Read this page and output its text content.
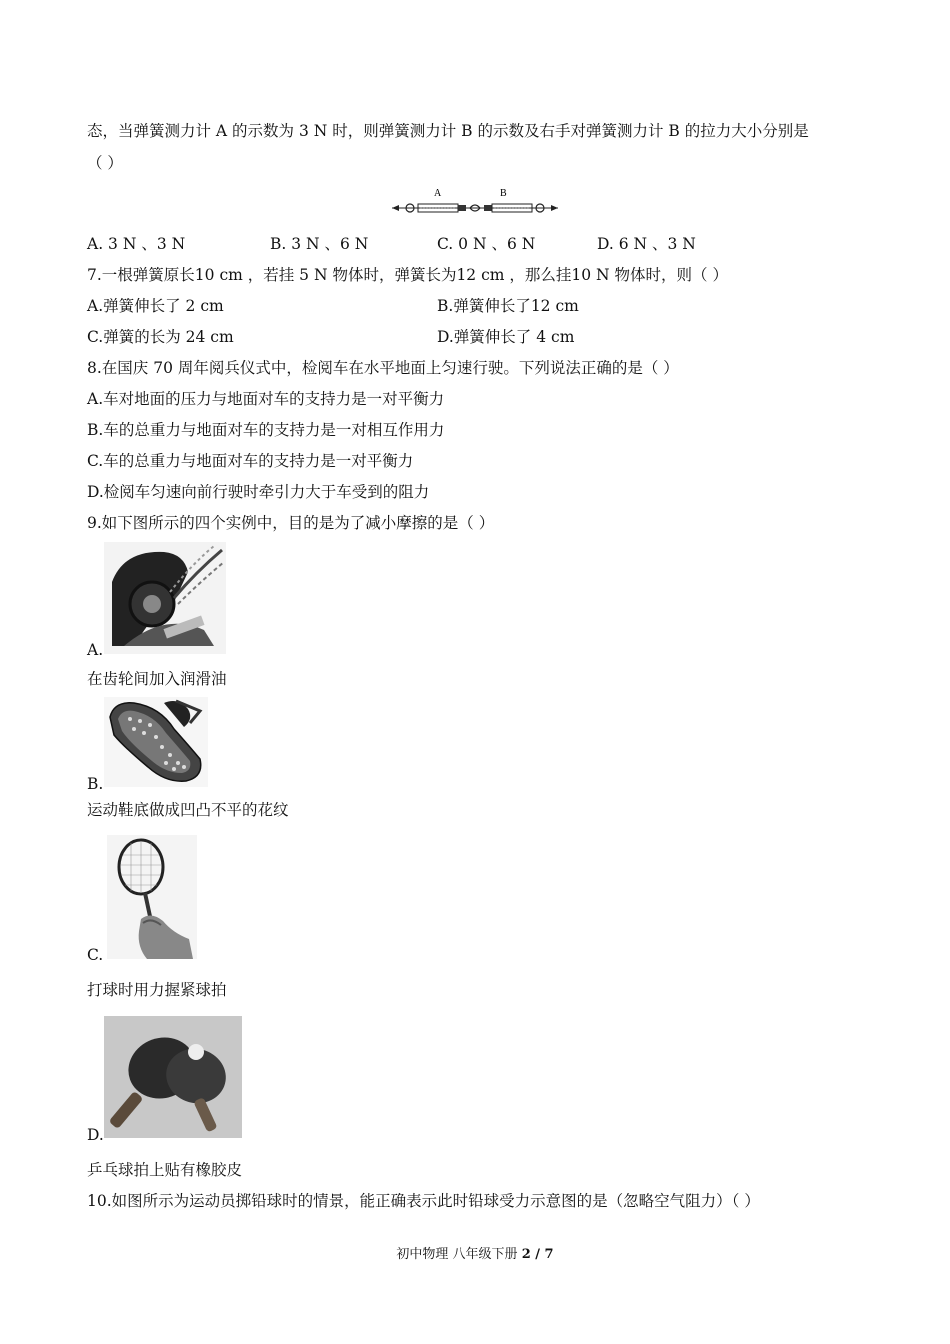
态，当弹簧测力计 A 的示数为 3 N 时，则弹簧测力计 B 的示数及右手对弹簧测力计 B 的拉力大小分别是
（ ）
A	B
A. 3 N 、3 N	B. 3 N 、6 N	C. 0 N 、6 N	D. 6 N 、3 N
7.一根弹簧原长10 cm ，若挂 5 N 物体时，弹簧长为12 cm ，那么挂10 N 物体时，则（ ）
A.弹簧伸长了 2 cm	B.弹簧伸长了12 cm
C.弹簧的长为 24 cm	D.弹簧伸长了 4 cm
8.在国庆 70 周年阅兵仪式中，检阅车在水平地面上匀速行驶。下列说法正确的是（ ）
A.车对地面的压力与地面对车的支持力是一对平衡力
B.车的总重力与地面对车的支持力是一对相互作用力
C.车的总重力与地面对车的支持力是一对平衡力
D.检阅车匀速向前行驶时牵引力大于车受到的阻力
9.如下图所示的四个实例中，目的是为了减小摩擦的是（ ）
A.
在齿轮间加入润滑油
B.
运动鞋底做成凹凸不平的花纹
C.
打球时用力握紧球拍
D.
乒乓球拍上贴有橡胶皮
10.如图所示为运动员掷铅球时的情景，能正确表示此时铅球受力示意图的是（忽略空气阻力）（ ）
初中物理 八年级下册 2 / 7
